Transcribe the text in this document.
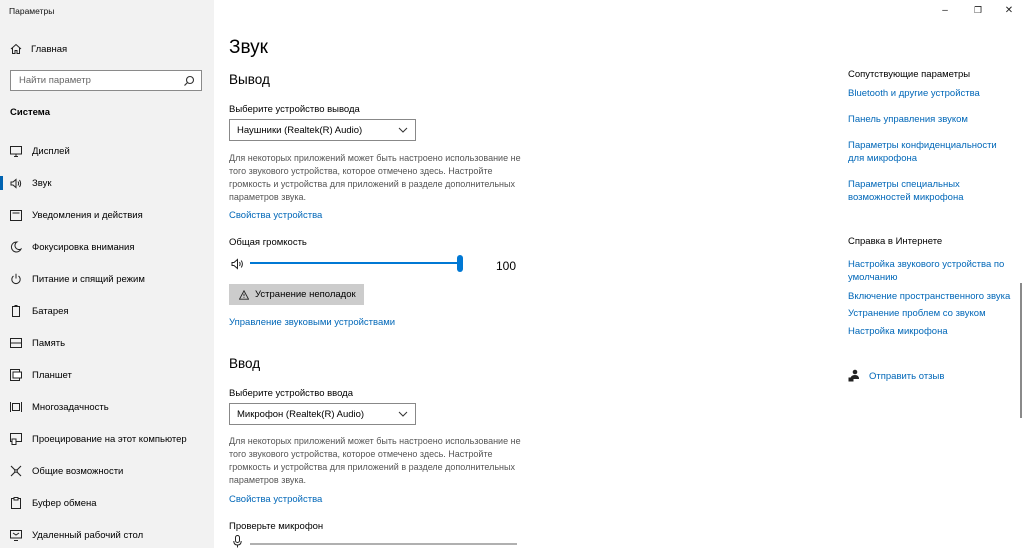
Параметры
Главная
Найти параметр
Система
Дисплей
Звук
Уведомления и действия
Фокусировка внимания
Питание и спящий режим
Батарея
Память
Планшет
Многозадачность
Проецирование на этот компьютер
Общие возможности
Буфер обмена
Удаленный рабочий стол
–	❐ ✕
Звук
Вывод
Выберите устройство вывода
Наушники (Realtek(R) Audio)
Для некоторых приложений может быть настроено использование не того звукового устройства, которое отмечено здесь. Настройте громкость и устройства для приложений в разделе дополнительных параметров звука.
Свойства устройства
Общая громкость
100
Устранение неполадок
Управление звуковыми устройствами
Ввод
Выберите устройство ввода
Микрофон (Realtek(R) Audio)
Для некоторых приложений может быть настроено использование не того звукового устройства, которое отмечено здесь. Настройте громкость и устройства для приложений в разделе дополнительных параметров звука.
Свойства устройства
Проверьте микрофон
Сопутствующие параметры
Bluetooth и другие устройства
Панель управления звуком
Параметры конфиденциальности для микрофона
Параметры специальных возможностей микрофона
Справка в Интернете
Настройка звукового устройства по умолчанию
Включение пространственного звука
Устранение проблем со звуком
Настройка микрофона
Отправить отзыв
